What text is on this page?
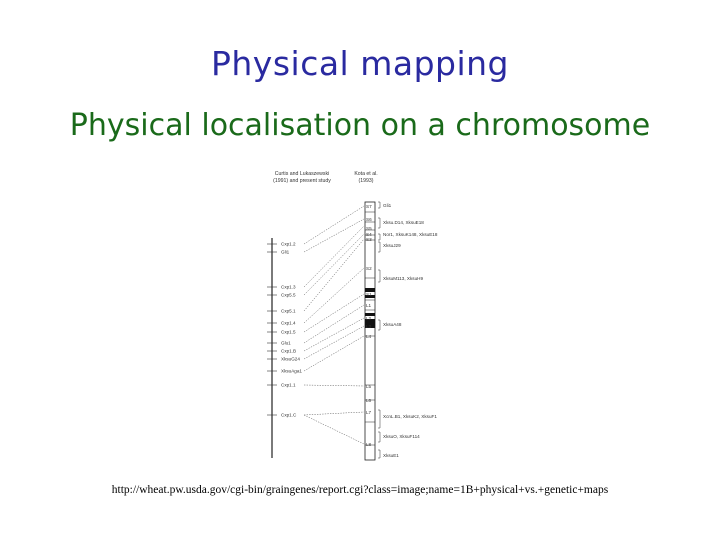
Physical mapping
Physical localisation on a chromosome
Curtis and Lukaszewski
(1991) and present study
Kota et al.
(1993)
Cxp1.2
Gli1
Cxp1.3
Cxp5.5
Cxp5.1
Cxp1.4
Cxp1.5
Glu1
Cxp1.B
XksuG24
XksuAga1
Cxp1.1
Cxp1.C
S7
S6
S5
S4
S3
S2
S1
L1
L2
L3
L4
L5
L6
L7
L8
Gli1
Xksu.D14, XksuE18
Nor1, XksuK148, XksuE18
XksuJ29
XksuM113, XksuH9
XksuA48
XcnL.B1, XksuK2, XksuF1
XksuO, XksuF114
XksuE1
http://wheat.pw.usda.gov/cgi-bin/graingenes/report.cgi?class=image;name=1B+physical+vs.+genetic+maps
